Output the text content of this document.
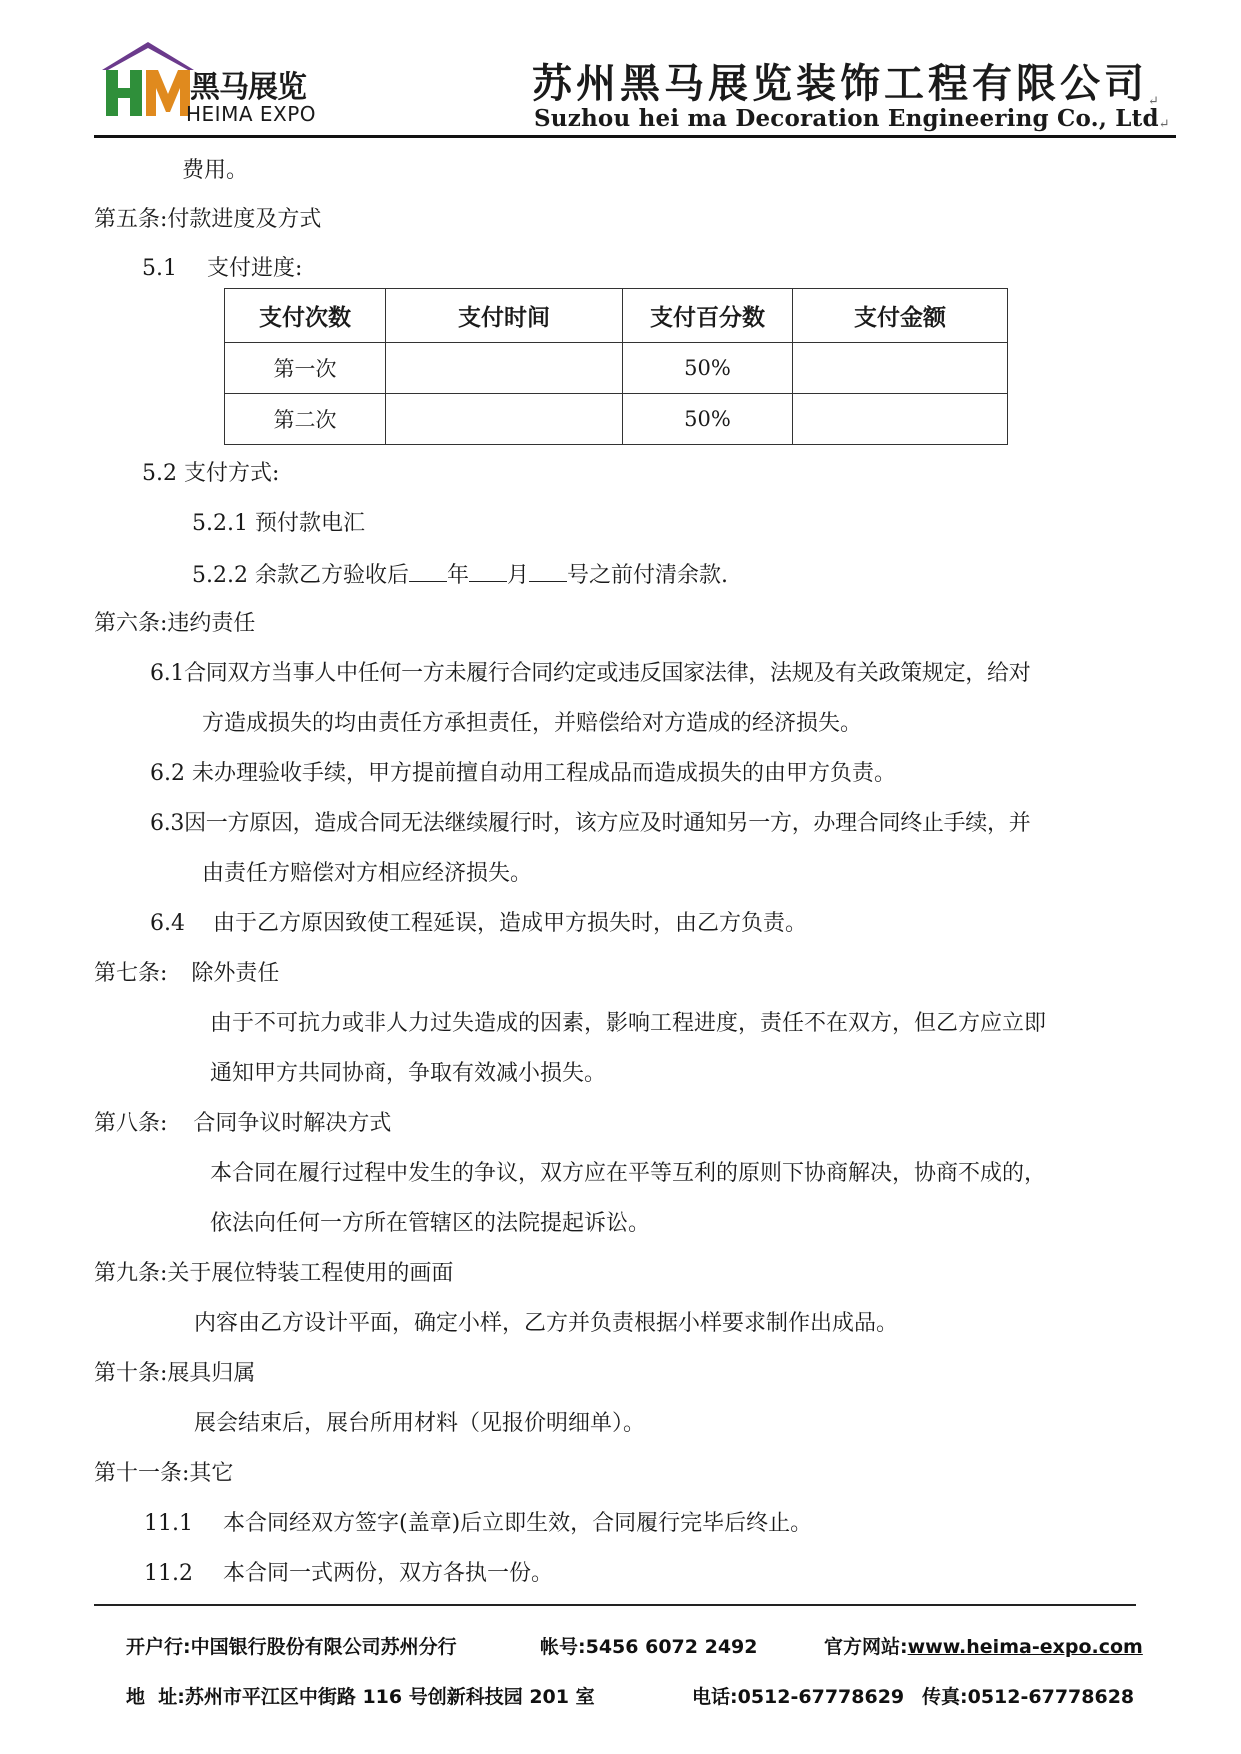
黑马展览
HEIMA EXPO
苏州黑马展览装饰工程有限公司↵
Suzhou hei ma Decoration Engineering Co., Ltd↵
费用。
第五条:付款进度及方式
5.1 支付进度:
支付次数	支付时间	支付百分数	支付金额
第一次		50%	
第二次		50%	
5.2 支付方式:
5.2.1 预付款电汇
5.2.2 余款乙方验收后 年 月 号之前付清余款.
第六条:违约责任
6.1合同双方当事人中任何一方未履行合同约定或违反国家法律，法规及有关政策规定，给对
方造成损失的均由责任方承担责任，并赔偿给对方造成的经济损失。
6.2 未办理验收手续，甲方提前擅自动用工程成品而造成损失的由甲方负责。
6.3因一方原因，造成合同无法继续履行时，该方应及时通知另一方，办理合同终止手续，并
由责任方赔偿对方相应经济损失。
6.4 由于乙方原因致使工程延误，造成甲方损失时，由乙方负责。
第七条: 除外责任
由于不可抗力或非人力过失造成的因素，影响工程进度，责任不在双方，但乙方应立即
通知甲方共同协商，争取有效减小损失。
第八条: 合同争议时解决方式
本合同在履行过程中发生的争议，双方应在平等互利的原则下协商解决，协商不成的，
依法向任何一方所在管辖区的法院提起诉讼。
第九条:关于展位特装工程使用的画面
内容由乙方设计平面，确定小样，乙方并负责根据小样要求制作出成品。
第十条:展具归属
展会结束后，展台所用材料（见报价明细单）。
第十一条:其它
11.1 本合同经双方签字(盖章)后立即生效，合同履行完毕后终止。
11.2 本合同一式两份，双方各执一份。
开户行:中国银行股份有限公司苏州分行	帐号:5456 6072 2492	官方网站:www.heima-expo.com
地  址:苏州市平江区中街路 116 号创新科技园 201 室	电话:0512-67778629 传真:0512-67778628
